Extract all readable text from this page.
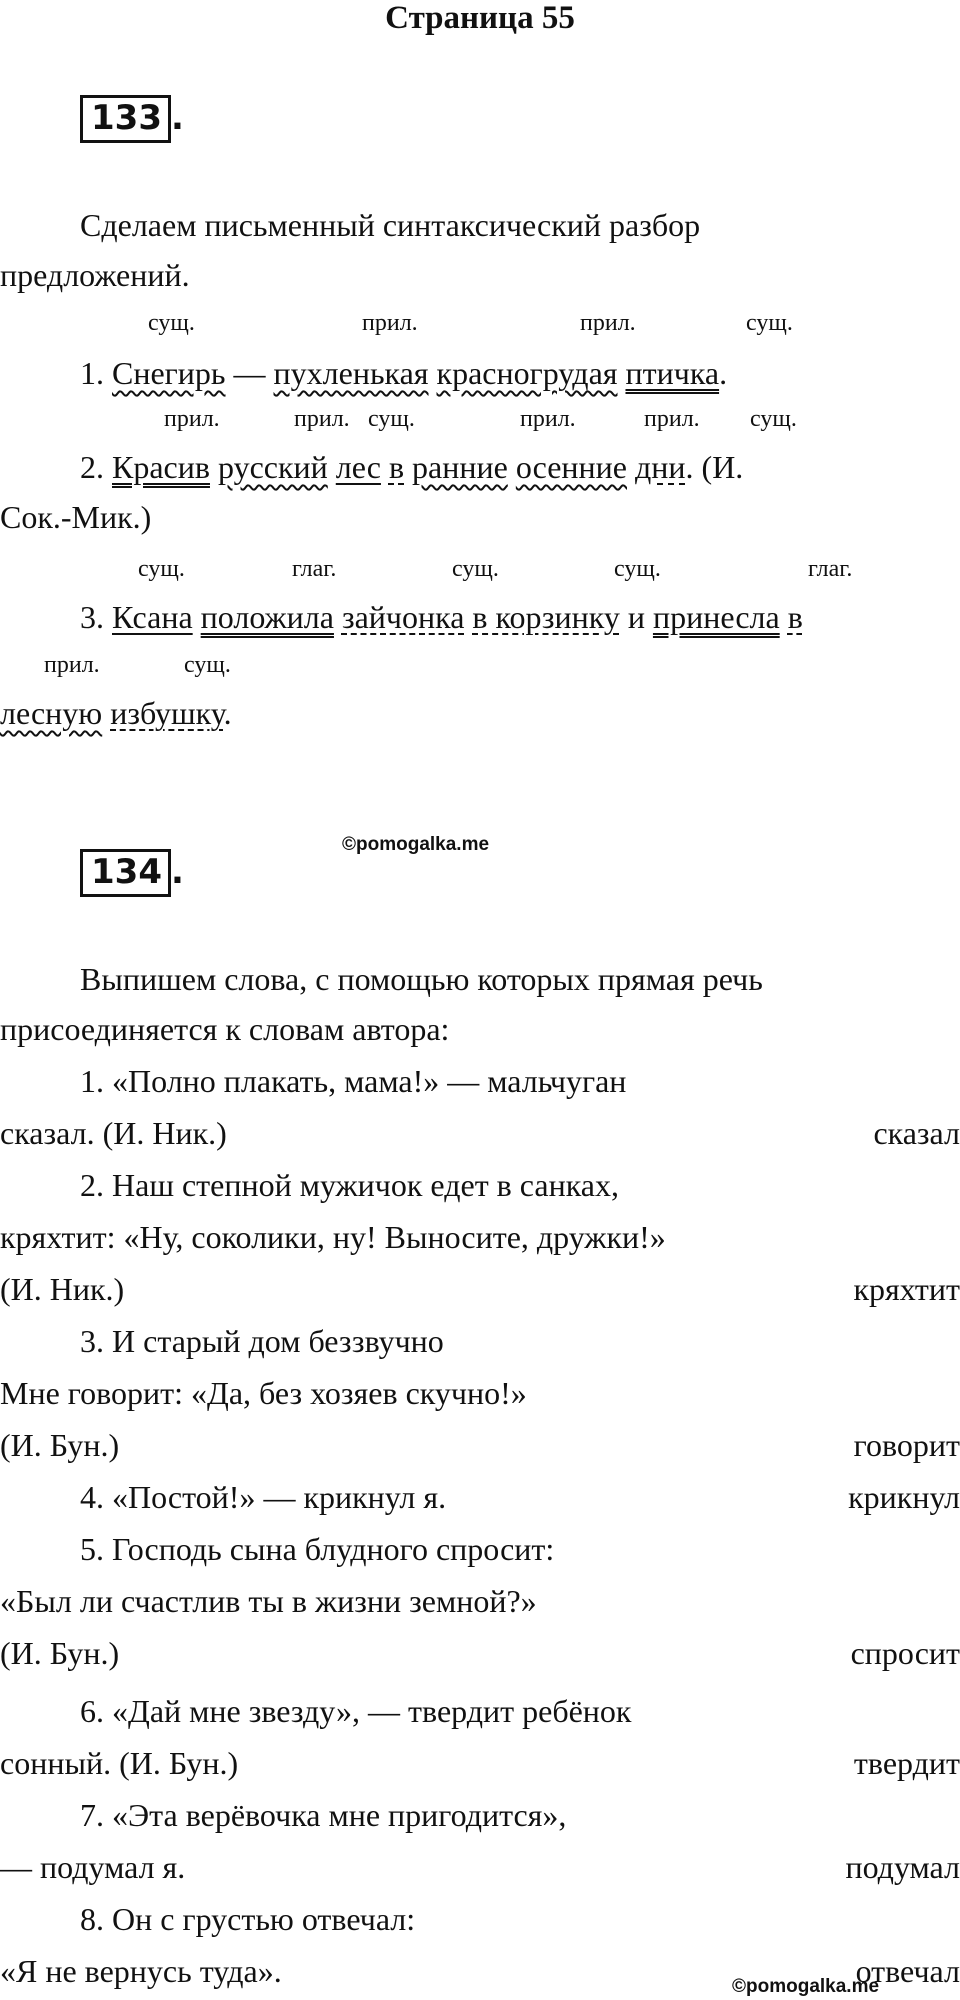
Страница 55
133 .
Сделаем письменный синтаксический разбор
предложений.
сущ.	прил.	прил.	сущ.
1. Снегирь — пухленькая красногрудая птичка.
прил.	прил. сущ.	прил.	прил. сущ.
2. Красив русский лес в ранние осенние дни. (И.
Сок.-Мик.)
сущ.	глаг.	сущ.	сущ.	глаг.
3. Ксана положила зайчонка в корзинку и принесла в
прил.	сущ.
лесную избушку.
©pomogalka.me
134 .
Выпишем слова, с помощью которых прямая речь
присоединяется к словам автора:
1. «Полно плакать, мама!» — мальчуган
сказал. (И. Ник.)	сказал
2. Наш степной мужичок едет в санках,
кряхтит: «Ну, соколики, ну! Выносите, дружки!»
(И. Ник.)	кряхтит
3. И старый дом беззвучно
Мне говорит: «Да, без хозяев скучно!»
(И. Бун.)	говорит
4. «Постой!» — крикнул я.	крикнул
5. Господь сына блудного спросит:
«Был ли счастлив ты в жизни земной?»
(И. Бун.)	спросит
6. «Дай мне звезду», — твердит ребёнок
сонный. (И. Бун.)	твердит
7. «Эта верёвочка мне пригодится»,
— подумал я.	подумал
8. Он с грустью отвечал:
«Я не вернусь туда».	отвечал
©pomogalka.me
